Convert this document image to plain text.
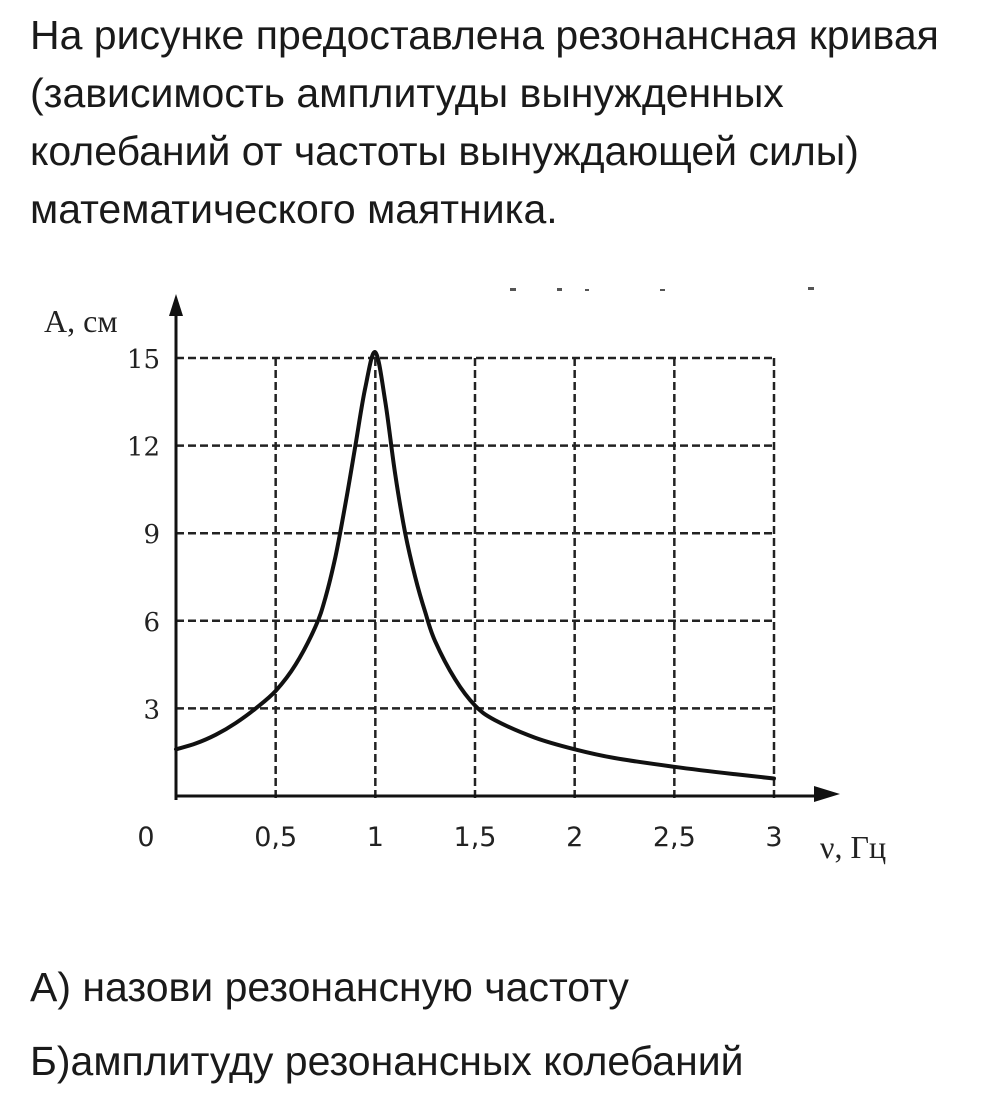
На рисунке предоставлена резонансная кривая (зависимость амплитуды вынужденных колебаний от частоты вынуждающей силы) математического маятника.

3
6
9
12
15
0	0,5	1	1,5	2	2,5	3
А, см
ν, Гц

А) назови резонансную частоту

Б)амплитуду резонансных колебаний
